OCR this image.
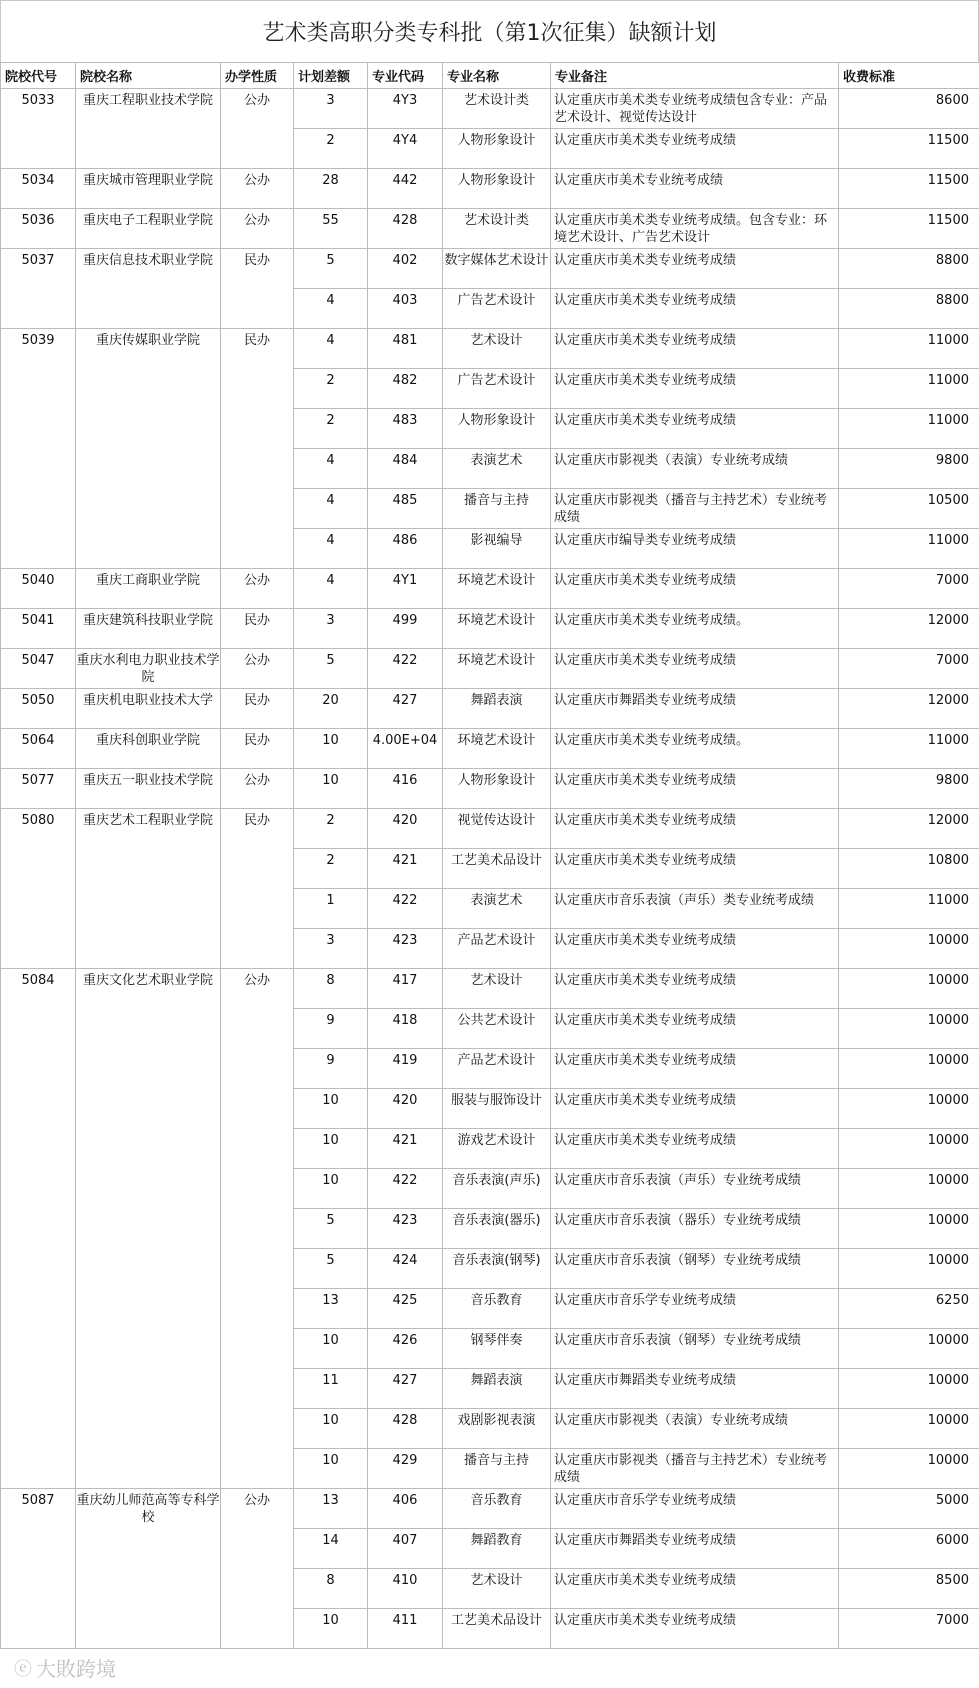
艺术类高职分类专科批（第1次征集）缺额计划
院校代号	院校名称	办学性质	计划差额	专业代码	专业名称	专业备注	收费标准
5033	重庆工程职业技术学院	公办	3	4Y3	艺术设计类	认定重庆市美术类专业统考成绩包含专业：产品艺术设计、视觉传达设计	8600
			2	4Y4	人物形象设计	认定重庆市美术类专业统考成绩	11500
5034	重庆城市管理职业学院	公办	28	442	人物形象设计	认定重庆市美术专业统考成绩	11500
5036	重庆电子工程职业学院	公办	55	428	艺术设计类	认定重庆市美术类专业统考成绩。包含专业：环境艺术设计、广告艺术设计	11500
5037	重庆信息技术职业学院	民办	5	402	数字媒体艺术设计	认定重庆市美术类专业统考成绩	8800
			4	403	广告艺术设计	认定重庆市美术类专业统考成绩	8800
5039	重庆传媒职业学院	民办	4	481	艺术设计	认定重庆市美术类专业统考成绩	11000
			2	482	广告艺术设计	认定重庆市美术类专业统考成绩	11000
			2	483	人物形象设计	认定重庆市美术类专业统考成绩	11000
			4	484	表演艺术	认定重庆市影视类（表演）专业统考成绩	9800
			4	485	播音与主持	认定重庆市影视类（播音与主持艺术）专业统考成绩	10500
			4	486	影视编导	认定重庆市编导类专业统考成绩	11000
5040	重庆工商职业学院	公办	4	4Y1	环境艺术设计	认定重庆市美术类专业统考成绩	7000
5041	重庆建筑科技职业学院	民办	3	499	环境艺术设计	认定重庆市美术类专业统考成绩。	12000
5047	重庆水利电力职业技术学院	公办	5	422	环境艺术设计	认定重庆市美术类专业统考成绩	7000
5050	重庆机电职业技术大学	民办	20	427	舞蹈表演	认定重庆市舞蹈类专业统考成绩	12000
5064	重庆科创职业学院	民办	10	4.00E+04	环境艺术设计	认定重庆市美术类专业统考成绩。	11000
5077	重庆五一职业技术学院	公办	10	416	人物形象设计	认定重庆市美术类专业统考成绩	9800
5080	重庆艺术工程职业学院	民办	2	420	视觉传达设计	认定重庆市美术类专业统考成绩	12000
			2	421	工艺美术品设计	认定重庆市美术类专业统考成绩	10800
			1	422	表演艺术	认定重庆市音乐表演（声乐）类专业统考成绩	11000
			3	423	产品艺术设计	认定重庆市美术类专业统考成绩	10000
5084	重庆文化艺术职业学院	公办	8	417	艺术设计	认定重庆市美术类专业统考成绩	10000
			9	418	公共艺术设计	认定重庆市美术类专业统考成绩	10000
			9	419	产品艺术设计	认定重庆市美术类专业统考成绩	10000
			10	420	服装与服饰设计	认定重庆市美术类专业统考成绩	10000
			10	421	游戏艺术设计	认定重庆市美术类专业统考成绩	10000
			10	422	音乐表演(声乐)	认定重庆市音乐表演（声乐）专业统考成绩	10000
			5	423	音乐表演(器乐)	认定重庆市音乐表演（器乐）专业统考成绩	10000
			5	424	音乐表演(钢琴)	认定重庆市音乐表演（钢琴）专业统考成绩	10000
			13	425	音乐教育	认定重庆市音乐学专业统考成绩	6250
			10	426	钢琴伴奏	认定重庆市音乐表演（钢琴）专业统考成绩	10000
			11	427	舞蹈表演	认定重庆市舞蹈类专业统考成绩	10000
			10	428	戏剧影视表演	认定重庆市影视类（表演）专业统考成绩	10000
			10	429	播音与主持	认定重庆市影视类（播音与主持艺术）专业统考成绩	10000
5087	重庆幼儿师范高等专科学校	公办	13	406	音乐教育	认定重庆市音乐学专业统考成绩	5000
			14	407	舞蹈教育	认定重庆市舞蹈类专业统考成绩	6000
			8	410	艺术设计	认定重庆市美术类专业统考成绩	8500
			10	411	工艺美术品设计	认定重庆市美术类专业统考成绩	7000
ⓔ 大敗跨境
